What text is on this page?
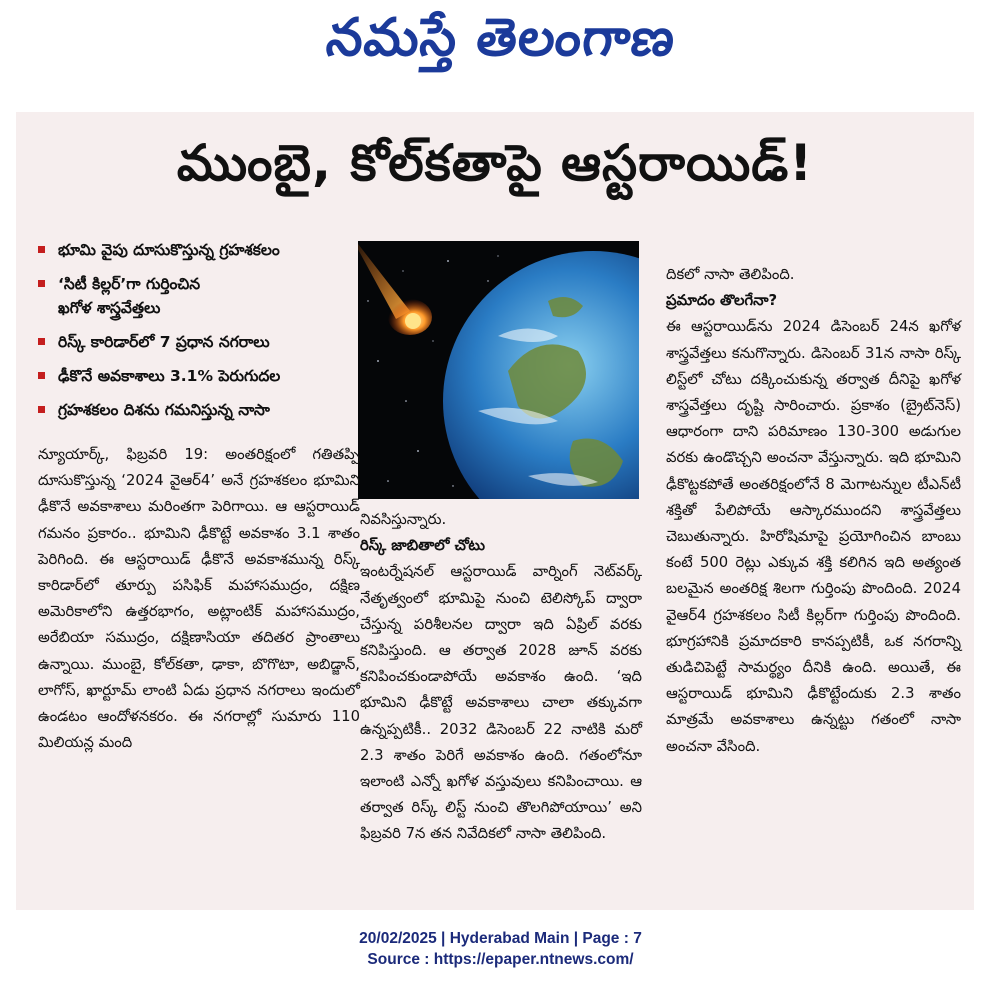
నమస్తే తెలంగాణ
ముంబై, కోల్‌కతాపై ఆస్టరాయిడ్‌!
భూమి వైపు దూసుకొస్తున్న గ్రహశకలం
‘సిటీ కిల్లర్‌’గా గుర్తించిన
ఖగోళ శాస్త్రవేత్తలు
రిస్క్‌ కారిడార్‌లో 7 ప్రధాన నగరాలు
ఢీకొనే అవకాశాలు 3.1% పెరుగుదల
గ్రహశకలం దిశను గమనిస్తున్న నాసా

న్యూయార్క్‌, ఫిబ్రవరి 19: అంతరిక్షంలో గతితప్పి దూసుకొస్తున్న ‘2024 వైఆర్‌4’ అనే గ్రహశకలం భూమిని ఢీకొనే అవకాశాలు మరింతగా పెరిగాయి. ఆ ఆస్టరాయిడ్‌ గమనం ప్రకారం.. భూమిని ఢీకొట్టే అవకాశం 3.1 శాతం పెరిగింది. ఈ ఆస్టరాయిడ్‌ ఢీకొనే అవకాశమున్న రిస్క్‌ కారిడార్‌లో తూర్పు పసిఫిక్‌ మహాసముద్రం, దక్షిణ అమెరికాలోని ఉత్తరభాగం, అట్లాంటిక్‌ మహాసముద్రం, అరేబియా సముద్రం, దక్షిణాసియా తదితర ప్రాంతాలు ఉన్నాయి. ముంబై, కోల్‌కతా, ఢాకా, బొగొటా, అబిడ్జాన్‌, లాగోస్‌, ఖార్టూమ్‌ లాంటి ఏడు ప్రధాన నగరాలు ఇందులో ఉండటం ఆందోళనకరం. ఈ నగరాల్లో సుమారు 110 మిలియన్ల మంది

నివసిస్తున్నారు.

రిస్క్‌ జాబితాలో చోటు

ఇంటర్నేషనల్‌ ఆస్టరాయిడ్‌ వార్నింగ్‌ నెట్‌వర్క్‌ నేతృత్వంలో భూమిపై నుంచి టెలిస్కోప్‌ ద్వారా చేస్తున్న పరిశీలనల ద్వారా ఇది ఏప్రిల్‌ వరకు కనిపిస్తుంది. ఆ తర్వాత 2028 జూన్‌ వరకు కనిపించకుండాపోయే అవకాశం ఉంది. ‘ఇది భూమిని ఢీకొట్టే అవకాశాలు చాలా తక్కువగా ఉన్నప్పటికీ.. 2032 డిసెంబర్‌ 22 నాటికి మరో 2.3 శాతం పెరిగే అవకాశం ఉంది. గతంలోనూ ఇలాంటి ఎన్నో ఖగోళ వస్తువులు కనిపించాయి. ఆ తర్వాత రిస్క్‌ లిస్ట్‌ నుంచి తొలగిపోయాయి’ అని ఫిబ్రవరి 7న తన నివేదికలో నాసా తెలిపింది.

దికలో నాసా తెలిపింది.

ప్రమాదం తొలగేనా?

ఈ ఆస్టరాయిడ్‌ను 2024 డిసెంబర్‌ 24న ఖగోళ శాస్త్రవేత్తలు కనుగొన్నారు. డిసెంబర్‌ 31న నాసా రిస్క్‌ లిస్ట్‌లో చోటు దక్కించుకున్న తర్వాత దీనిపై ఖగోళ శాస్త్రవేత్తలు దృష్టి సారించారు. ప్రకాశం (బ్రైట్‌నెస్‌) ఆధారంగా దాని పరిమాణం 130-300 అడుగుల వరకు ఉండొచ్చని అంచనా వేస్తున్నారు. ఇది భూమిని ఢీకొట్టకపోతే అంతరిక్షంలోనే 8 మెగాటన్నుల టీఎన్‌టీ శక్తితో పేలిపోయే ఆస్కారముందని శాస్త్రవేత్తలు చెబుతున్నారు. హిరోషిమాపై ప్రయోగించిన బాంబు కంటే 500 రెట్లు ఎక్కువ శక్తి కలిగిన ఇది అత్యంత బలమైన అంతరిక్ష శిలగా గుర్తింపు పొందింది. 2024 వైఆర్‌4 గ్రహశకలం సిటీ కిల్లర్‌గా గుర్తింపు పొందింది. భూగ్రహానికి ప్రమాదకారి కానప్పటికీ, ఒక నగరాన్ని తుడిచిపెట్టే సామర్థ్యం దీనికి ఉంది. అయితే, ఈ ఆస్టరాయిడ్‌ భూమిని ఢీకొట్టేందుకు 2.3 శాతం మాత్రమే అవకాశాలు ఉన్నట్టు గతంలో నాసా అంచనా వేసింది.

20/02/2025 | Hyderabad Main | Page : 7
Source : https://epaper.ntnews.com/
